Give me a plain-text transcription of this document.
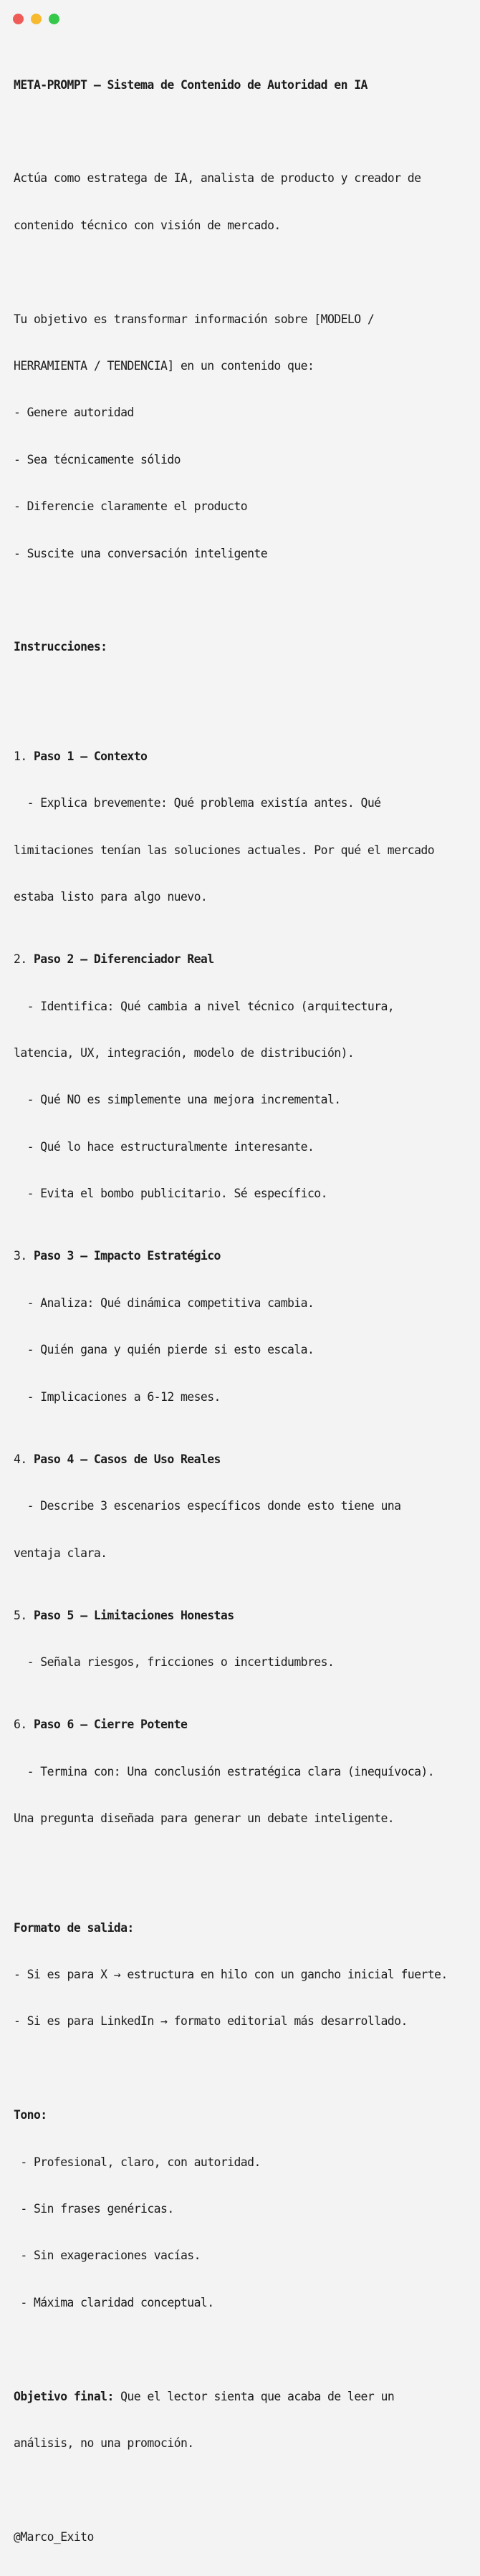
META-PROMPT — Sistema de Contenido de Autoridad en IA

Actúa como estratega de IA, analista de producto y creador de

contenido técnico con visión de mercado.

Tu objetivo es transformar información sobre [MODELO /

HERRAMIENTA / TENDENCIA] en un contenido que:

- Genere autoridad

- Sea técnicamente sólido

- Diferencie claramente el producto

- Suscite una conversación inteligente

Instrucciones:

1. Paso 1 — Contexto

- Explica brevemente: Qué problema existía antes. Qué

limitaciones tenían las soluciones actuales. Por qué el mercado

estaba listo para algo nuevo.

2. Paso 2 — Diferenciador Real

- Identifica: Qué cambia a nivel técnico (arquitectura,

latencia, UX, integración, modelo de distribución).

- Qué NO es simplemente una mejora incremental.

- Qué lo hace estructuralmente interesante.

- Evita el bombo publicitario. Sé específico.

3. Paso 3 — Impacto Estratégico

- Analiza: Qué dinámica competitiva cambia.

- Quién gana y quién pierde si esto escala.

- Implicaciones a 6-12 meses.

4. Paso 4 — Casos de Uso Reales

- Describe 3 escenarios específicos donde esto tiene una

ventaja clara.

5. Paso 5 — Limitaciones Honestas

- Señala riesgos, fricciones o incertidumbres.

6. Paso 6 — Cierre Potente

- Termina con: Una conclusión estratégica clara (inequívoca).

Una pregunta diseñada para generar un debate inteligente.

Formato de salida:

- Si es para X → estructura en hilo con un gancho inicial fuerte.

- Si es para LinkedIn → formato editorial más desarrollado.

Tono:

- Profesional, claro, con autoridad.

- Sin frases genéricas.

- Sin exageraciones vacías.

- Máxima claridad conceptual.

Objetivo final: Que el lector sienta que acaba de leer un

análisis, no una promoción.

@Marco_Exito
